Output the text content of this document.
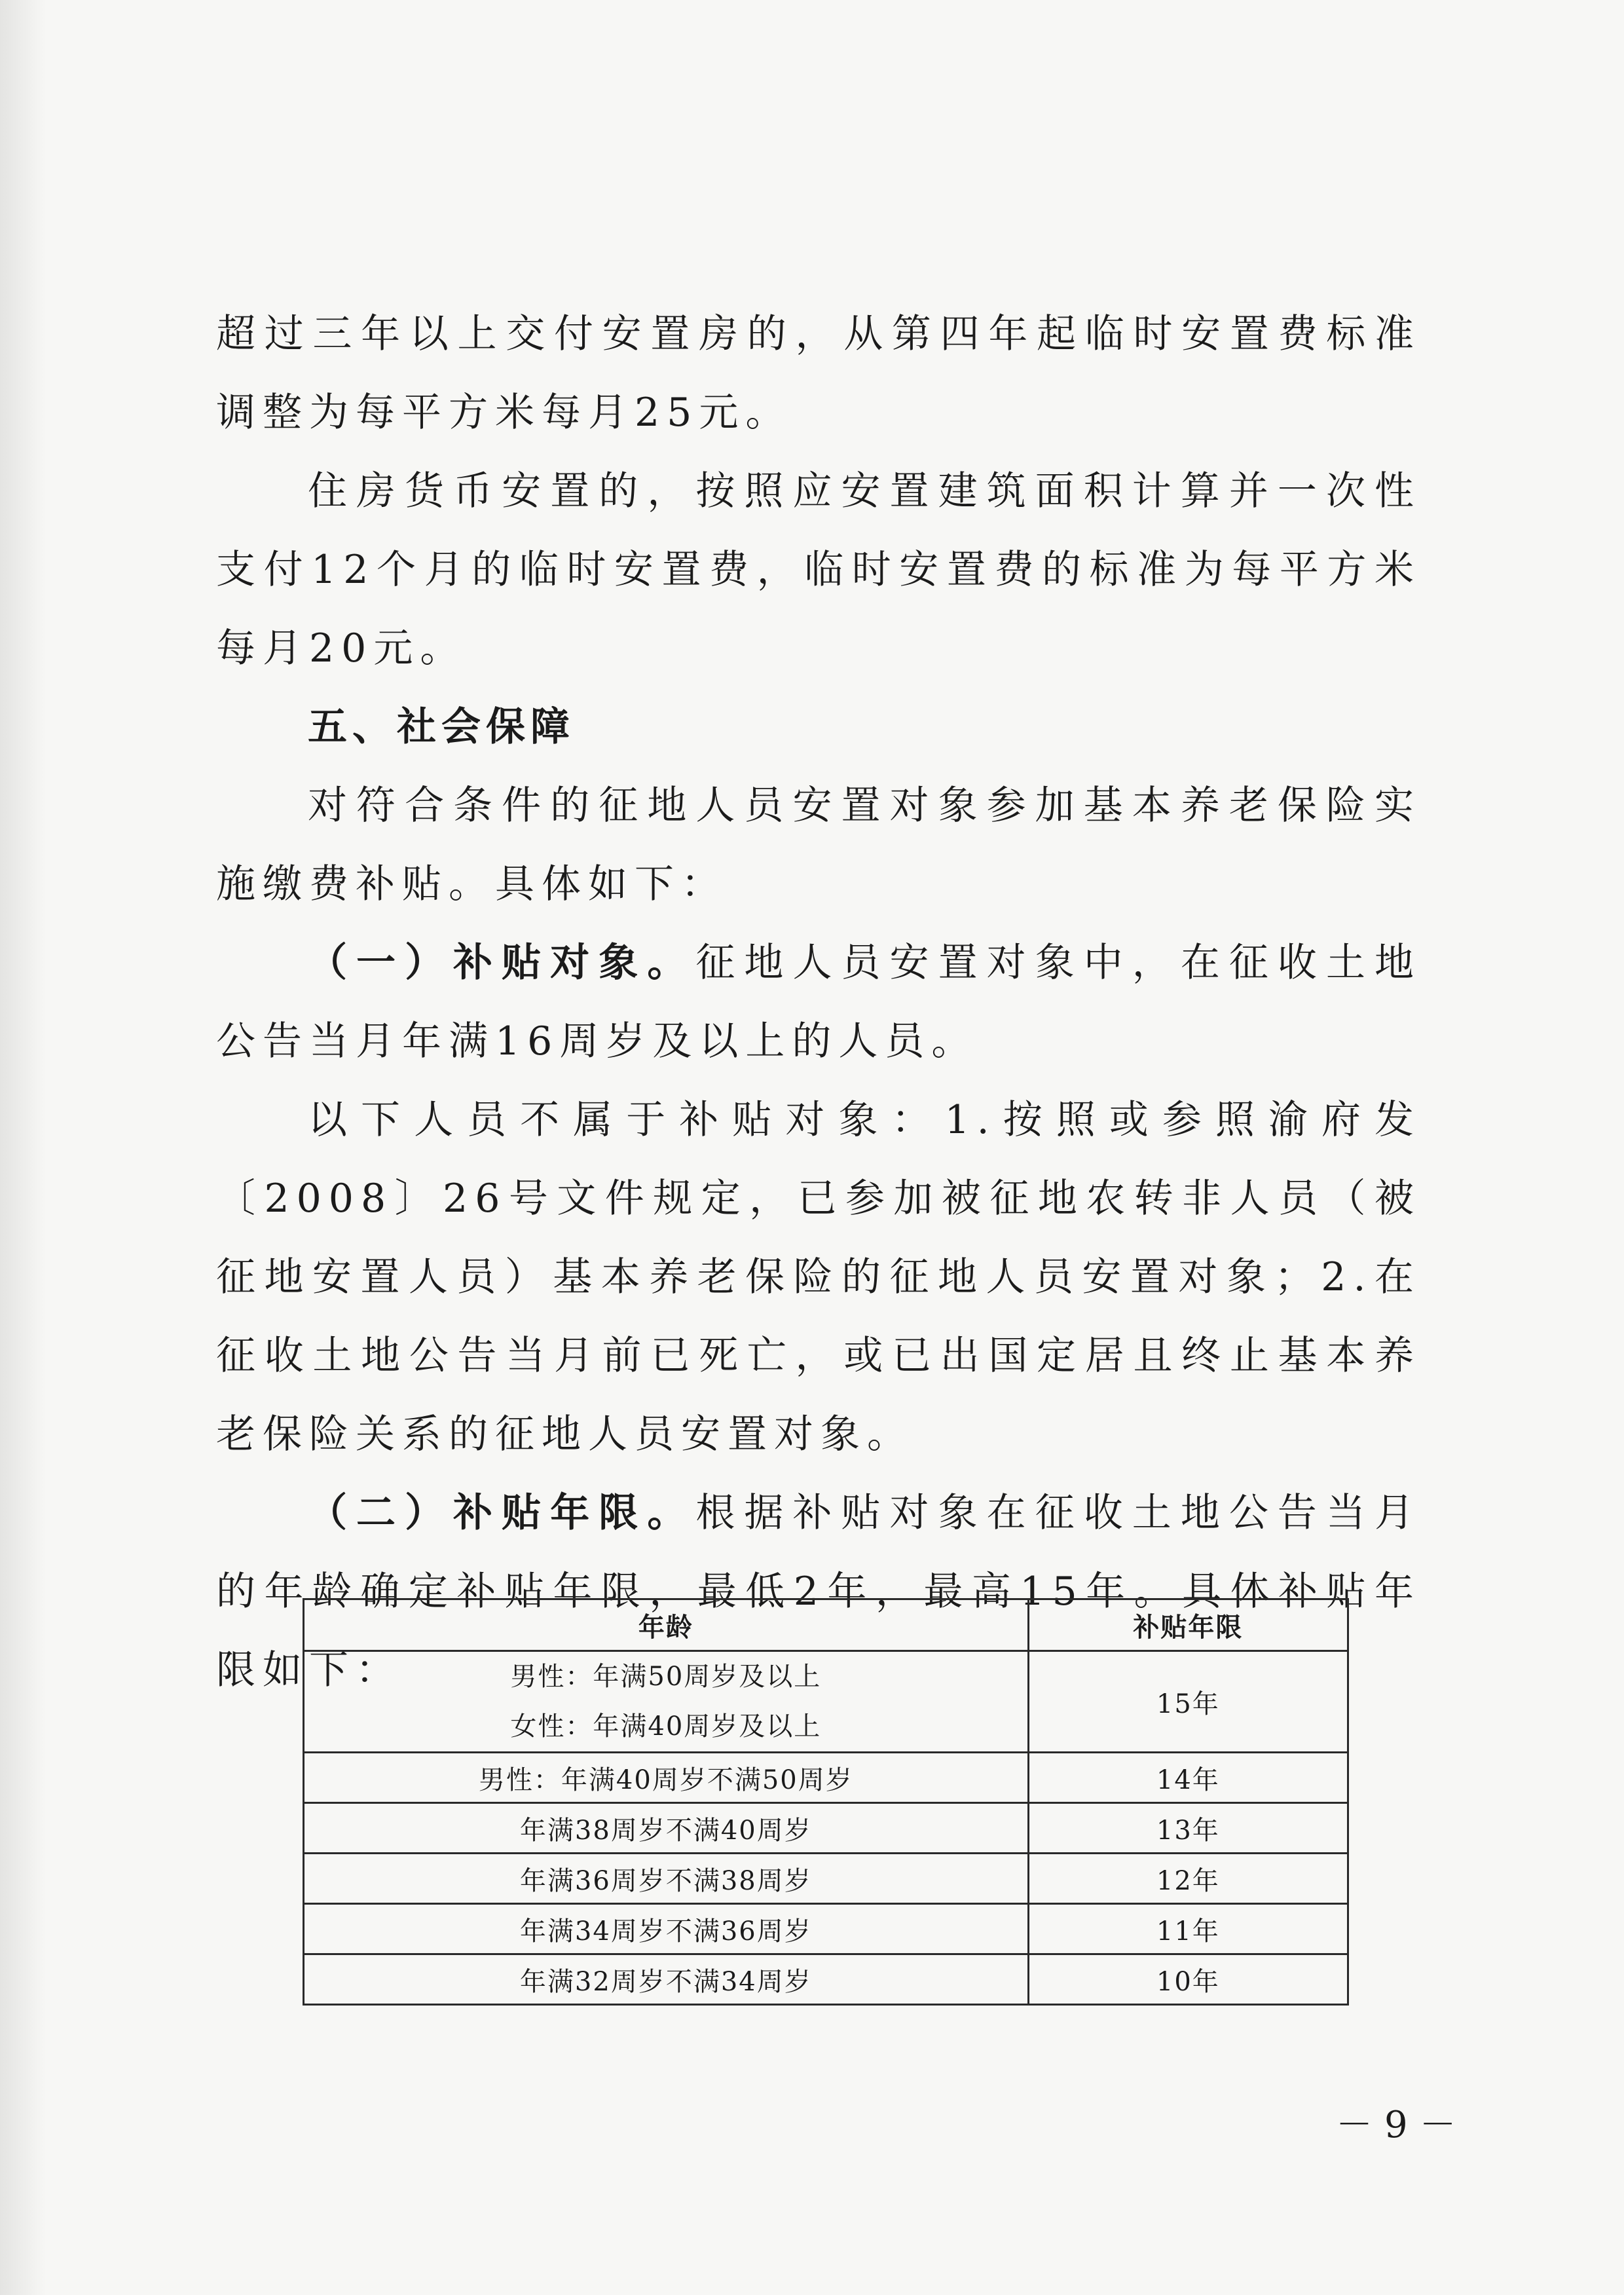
超过三年以上交付安置房的，从第四年起临时安置费标准调整为每平方米每月25元。

住房货币安置的，按照应安置建筑面积计算并一次性支付12个月的临时安置费，临时安置费的标准为每平方米每月20元。

五、社会保障

对符合条件的征地人员安置对象参加基本养老保险实施缴费补贴。具体如下：

（一）补贴对象。征地人员安置对象中，在征收土地公告当月年满16周岁及以上的人员。

以下人员不属于补贴对象：1.按照或参照渝府发〔2008〕26号文件规定，已参加被征地农转非人员（被征地安置人员）基本养老保险的征地人员安置对象；2.在征收土地公告当月前已死亡，或已出国定居且终止基本养老保险关系的征地人员安置对象。

（二）补贴年限。根据补贴对象在征收土地公告当月的年龄确定补贴年限，最低2年，最高15年。具体补贴年限如下：

年龄	补贴年限

男性：年满50周岁及以上
女性：年满40周岁及以上	15年
男性：年满40周岁不满50周岁	14年
年满38周岁不满40周岁	13年
年满36周岁不满38周岁	12年
年满34周岁不满36周岁	11年
年满32周岁不满34周岁	10年
－9－
